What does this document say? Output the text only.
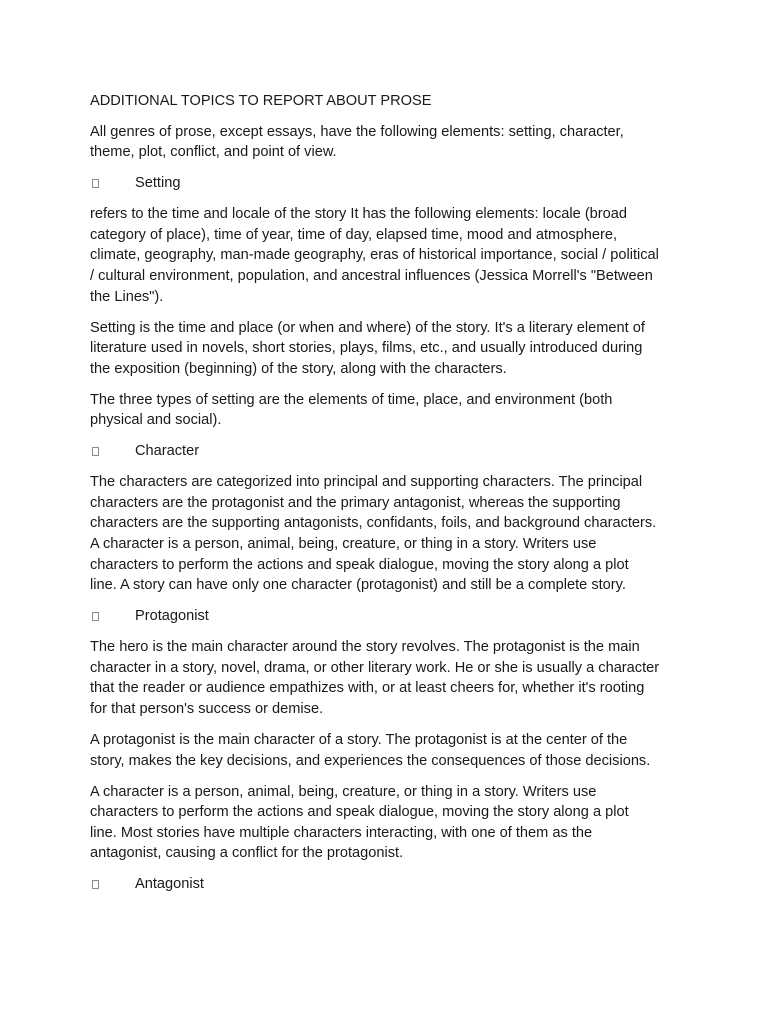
ADDITIONAL TOPICS TO REPORT ABOUT PROSE

All genres of prose, except essays, have the following elements: setting, character,
theme, plot, conflict, and point of view.

Setting

refers to the time and locale of the story It has the following elements: locale (broad
category of place), time of year, time of day, elapsed time, mood and atmosphere,
climate, geography, man-made geography, eras of historical importance, social / political
/ cultural environment, population, and ancestral influences (Jessica Morrell's "Between
the Lines").

Setting is the time and place (or when and where) of the story. It's a literary element of
literature used in novels, short stories, plays, films, etc., and usually introduced during
the exposition (beginning) of the story, along with the characters.

The three types of setting are the elements of time, place, and environment (both
physical and social).

Character

The characters are categorized into principal and supporting characters. The principal
characters are the protagonist and the primary antagonist, whereas the supporting
characters are the supporting antagonists, confidants, foils, and background characters.
A character is a person, animal, being, creature, or thing in a story. Writers use
characters to perform the actions and speak dialogue, moving the story along a plot
line. A story can have only one character (protagonist) and still be a complete story.

Protagonist

The hero is the main character around the story revolves. The protagonist is the main
character in a story, novel, drama, or other literary work. He or she is usually a character
that the reader or audience empathizes with, or at least cheers for, whether it's rooting
for that person's success or demise.

A protagonist is the main character of a story. The protagonist is at the center of the
story, makes the key decisions, and experiences the consequences of those decisions.

A character is a person, animal, being, creature, or thing in a story. Writers use
characters to perform the actions and speak dialogue, moving the story along a plot
line. Most stories have multiple characters interacting, with one of them as the
antagonist, causing a conflict for the protagonist.

Antagonist
